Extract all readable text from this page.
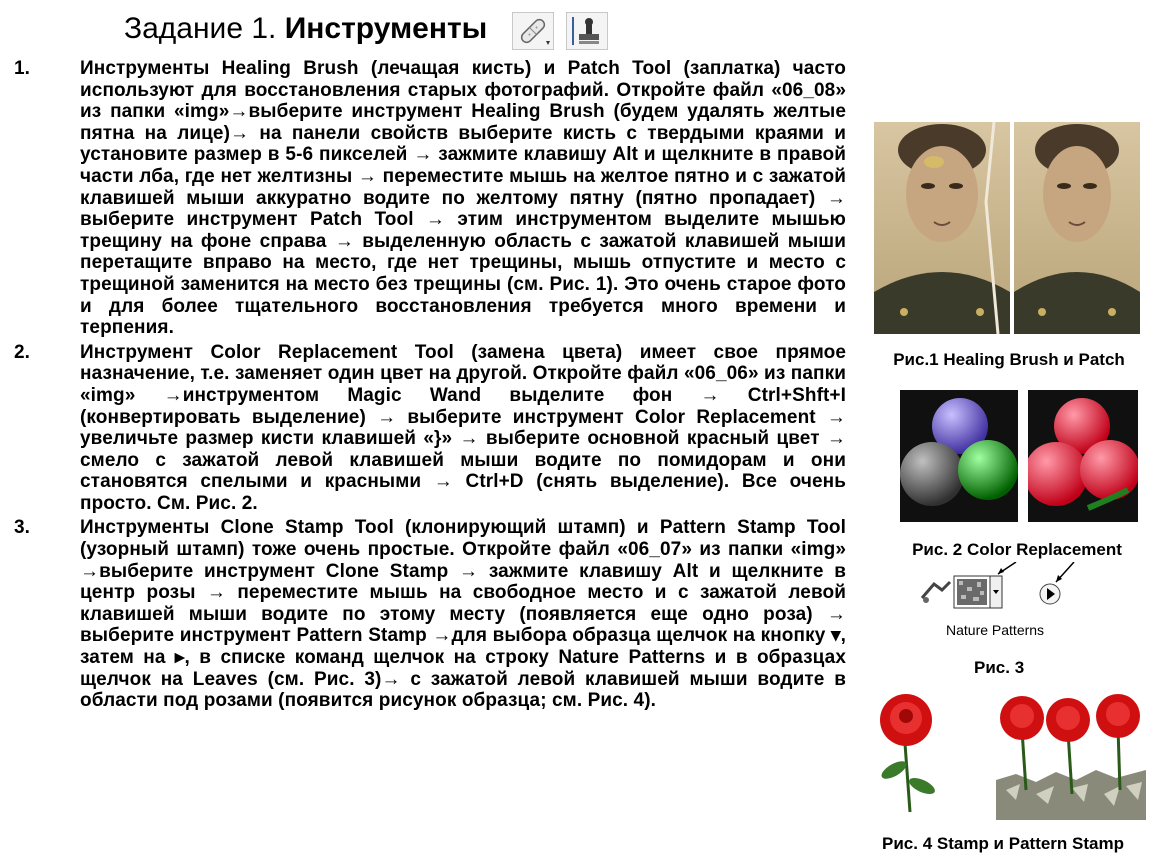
Задание 1. Инструменты
1.	Инструменты Healing Brush (лечащая кисть) и Patch Tool (заплатка) часто используют для восстановления старых фотографий. Откройте файл «06_08» из папки «img»→выберите инструмент Healing Brush (будем удалять желтые пятна на лице)→ на панели свойств выберите кисть с твердыми краями и установите размер в 5-6 пикселей → зажмите клавишу Alt и щелкните в правой части лба, где нет желтизны → переместите мышь на желтое пятно и с зажатой клавишей мыши аккуратно водите по желтому пятну (пятно пропадает) → выберите инструмент Patch Tool → этим инструментом выделите мышью трещину на фоне справа → выделенную область с зажатой клавишей мыши перетащите вправо на место, где нет трещины, мышь отпустите и место с трещиной заменится на место без трещины (см. Рис. 1). Это очень старое фото и для более тщательного восстановления требуется много времени и терпения.
2.	Инструмент Color Replacement Tool (замена цвета) имеет свое прямое назначение, т.е. заменяет один цвет на другой. Откройте файл «06_06» из папки «img» →инструментом Magic Wand выделите фон → Ctrl+Shft+I (конвертировать выделение) → выберите инструмент Color Replacement → увеличьте размер кисти клавишей «}» → выберите основной красный цвет → смело с зажатой левой клавишей мыши водите по помидорам и они становятся спелыми и красными → Ctrl+D (снять выделение). Все очень просто. См. Рис. 2.
3.	Инструменты Clone Stamp Tool (клонирующий штамп) и Pattern Stamp Tool (узорный штамп) тоже очень простые. Откройте файл «06_07» из папки «img» →выберите инструмент Clone Stamp → зажмите клавишу Alt и щелкните в центр розы → переместите мышь на свободное место и с зажатой левой клавишей мыши водите по этому месту (появляется еще одно роза) → выберите инструмент Pattern Stamp →для выбора образца щелчок на кнопку ▾, затем на ▸, в списке команд щелчок на строку Nature Patterns и в образцах щелчок на Leaves (см. Рис. 3)→ с зажатой левой клавишей мыши водите в области под розами (появится рисунок образца; см. Рис. 4).
Рис.1 Healing Brush и Patch
Рис. 2 Color Replacement
Nature Patterns
Рис. 3
Рис. 4 Stamp и Pattern Stamp
